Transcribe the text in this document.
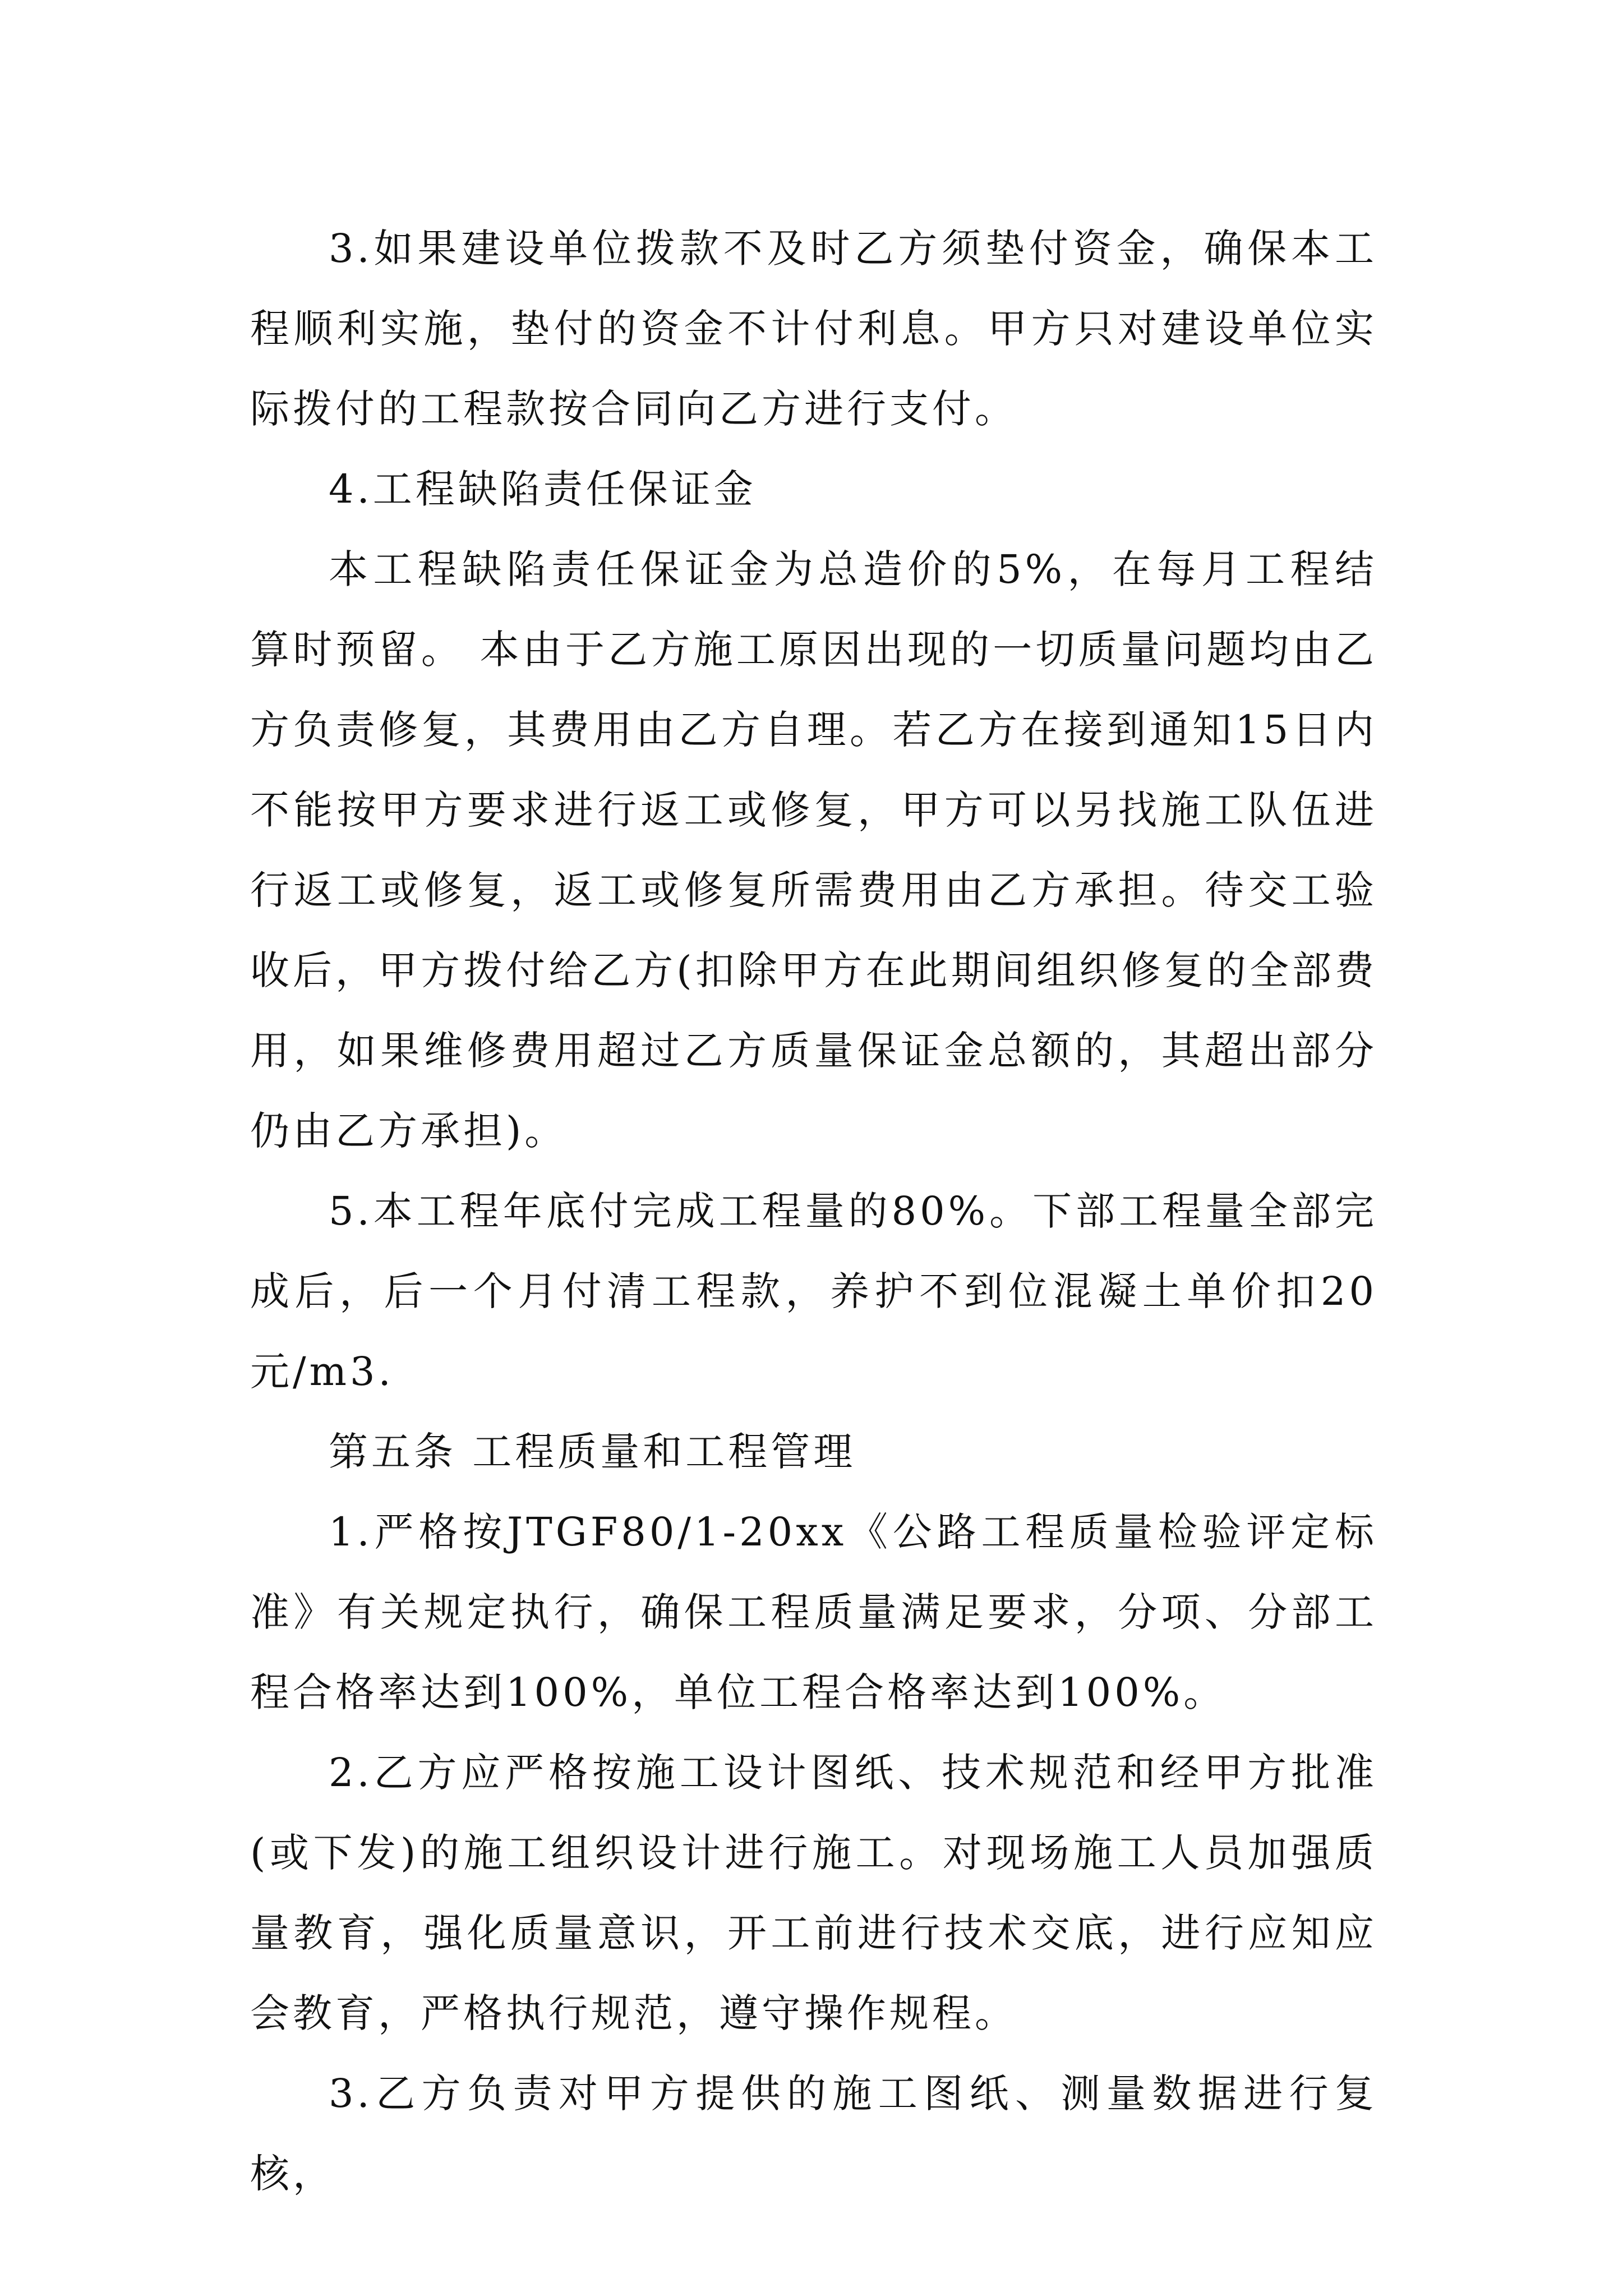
3.如果建设单位拨款不及时乙方须垫付资金，确保本工程顺利实施，垫付的资金不计付利息。甲方只对建设单位实际拨付的工程款按合同向乙方进行支付。

4.工程缺陷责任保证金

本工程缺陷责任保证金为总造价的5%，在每月工程结算时预留。 本由于乙方施工原因出现的一切质量问题均由乙方负责修复，其费用由乙方自理。若乙方在接到通知15日内不能按甲方要求进行返工或修复，甲方可以另找施工队伍进行返工或修复，返工或修复所需费用由乙方承担。待交工验收后，甲方拨付给乙方(扣除甲方在此期间组织修复的全部费用，如果维修费用超过乙方质量保证金总额的，其超出部分仍由乙方承担)。

5.本工程年底付完成工程量的80%。下部工程量全部完成后，后一个月付清工程款，养护不到位混凝土单价扣20元/m3.

第五条 工程质量和工程管理

1.严格按JTGF80/1-20xx《公路工程质量检验评定标准》有关规定执行，确保工程质量满足要求，分项、分部工程合格率达到100%，单位工程合格率达到100%。

2.乙方应严格按施工设计图纸、技术规范和经甲方批准(或下发)的施工组织设计进行施工。对现场施工人员加强质量教育，强化质量意识，开工前进行技术交底，进行应知应会教育，严格执行规范，遵守操作规程。

3.乙方负责对甲方提供的施工图纸、测量数据进行复核，
